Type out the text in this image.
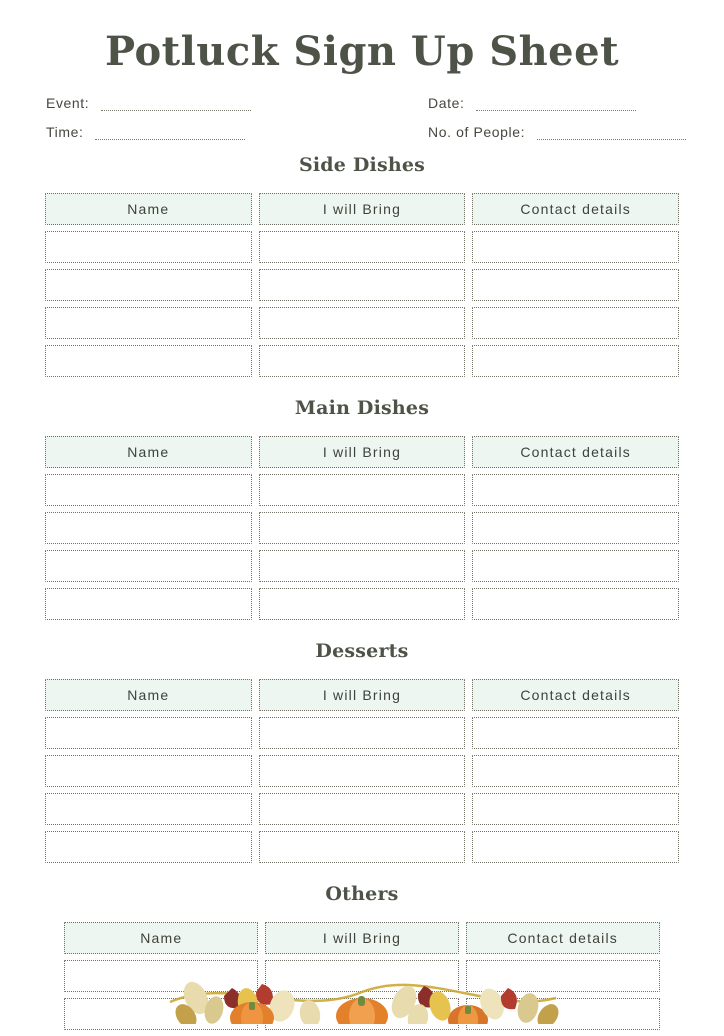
Potluck Sign Up Sheet
Event:	Date:
Time:	No. of People:
Side Dishes
Name	I will Bring	Contact details

Main Dishes
Name	I will Bring	Contact details

Desserts
Name	I will Bring	Contact details

Others
Name	I will Bring	Contact details
